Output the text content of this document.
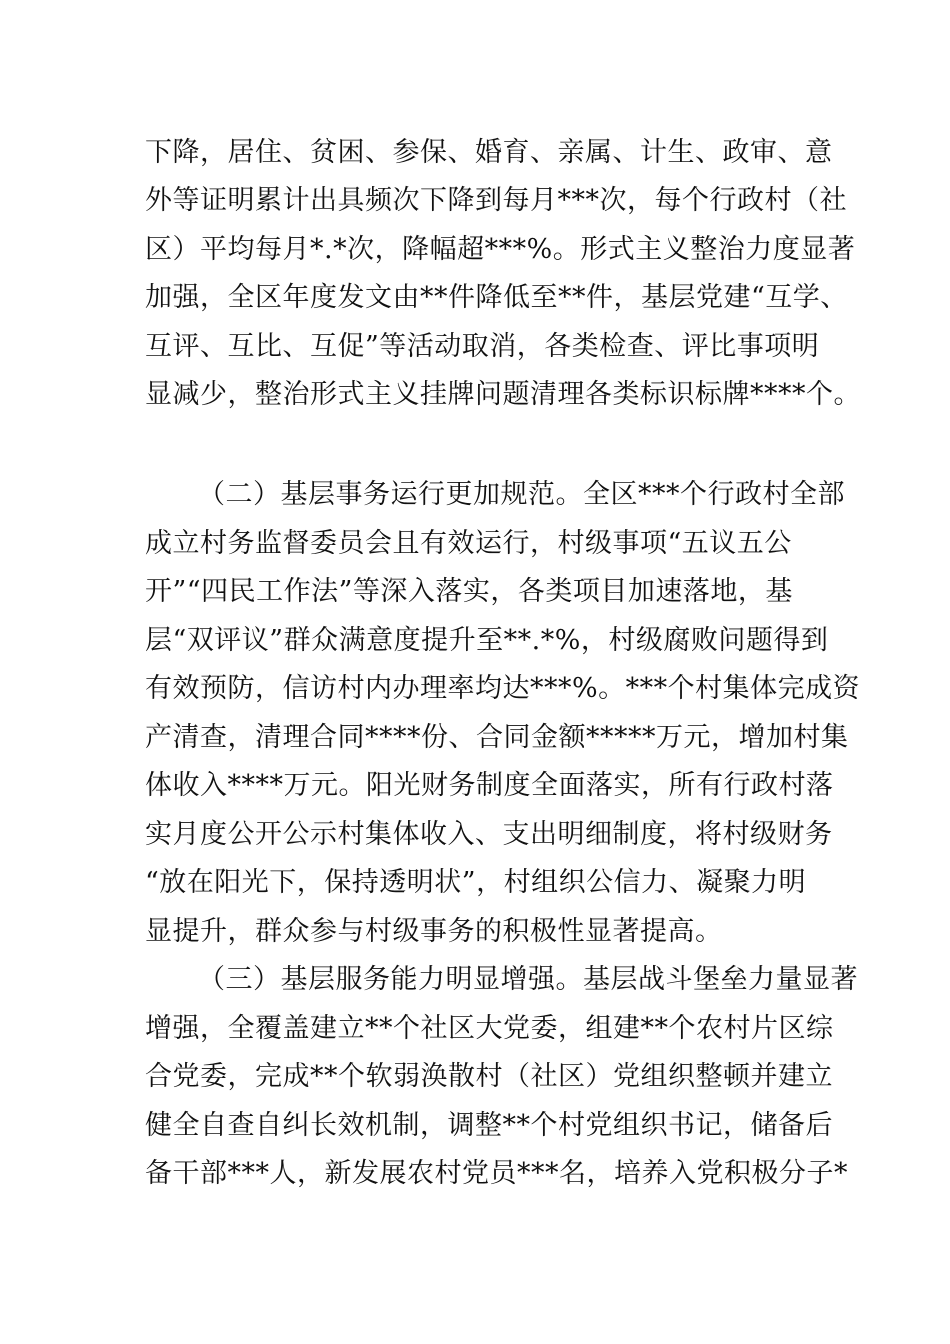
下降，居住、贫困、参保、婚育、亲属、计生、政审、意
外等证明累计出具频次下降到每月***次，每个行政村（社
区）平均每月*.*次，降幅超***%。形式主义整治力度显著
加强，全区年度发文由**件降低至**件，基层党建“互学、
互评、互比、互促”等活动取消，各类检查、评比事项明
显减少，整治形式主义挂牌问题清理各类标识标牌****个。
（二）基层事务运行更加规范。全区***个行政村全部
成立村务监督委员会且有效运行，村级事项“五议五公
开”“四民工作法”等深入落实，各类项目加速落地，基
层“双评议”群众满意度提升至**.*%，村级腐败问题得到
有效预防，信访村内办理率均达***%。***个村集体完成资
产清查，清理合同****份、合同金额*****万元，增加村集
体收入****万元。阳光财务制度全面落实，所有行政村落
实月度公开公示村集体收入、支出明细制度，将村级财务
“放在阳光下，保持透明状”，村组织公信力、凝聚力明
显提升，群众参与村级事务的积极性显著提高。
（三）基层服务能力明显增强。基层战斗堡垒力量显著
增强，全覆盖建立**个社区大党委，组建**个农村片区综
合党委，完成**个软弱涣散村（社区）党组织整顿并建立
健全自查自纠长效机制，调整**个村党组织书记，储备后
备干部***人，新发展农村党员***名，培养入党积极分子*
